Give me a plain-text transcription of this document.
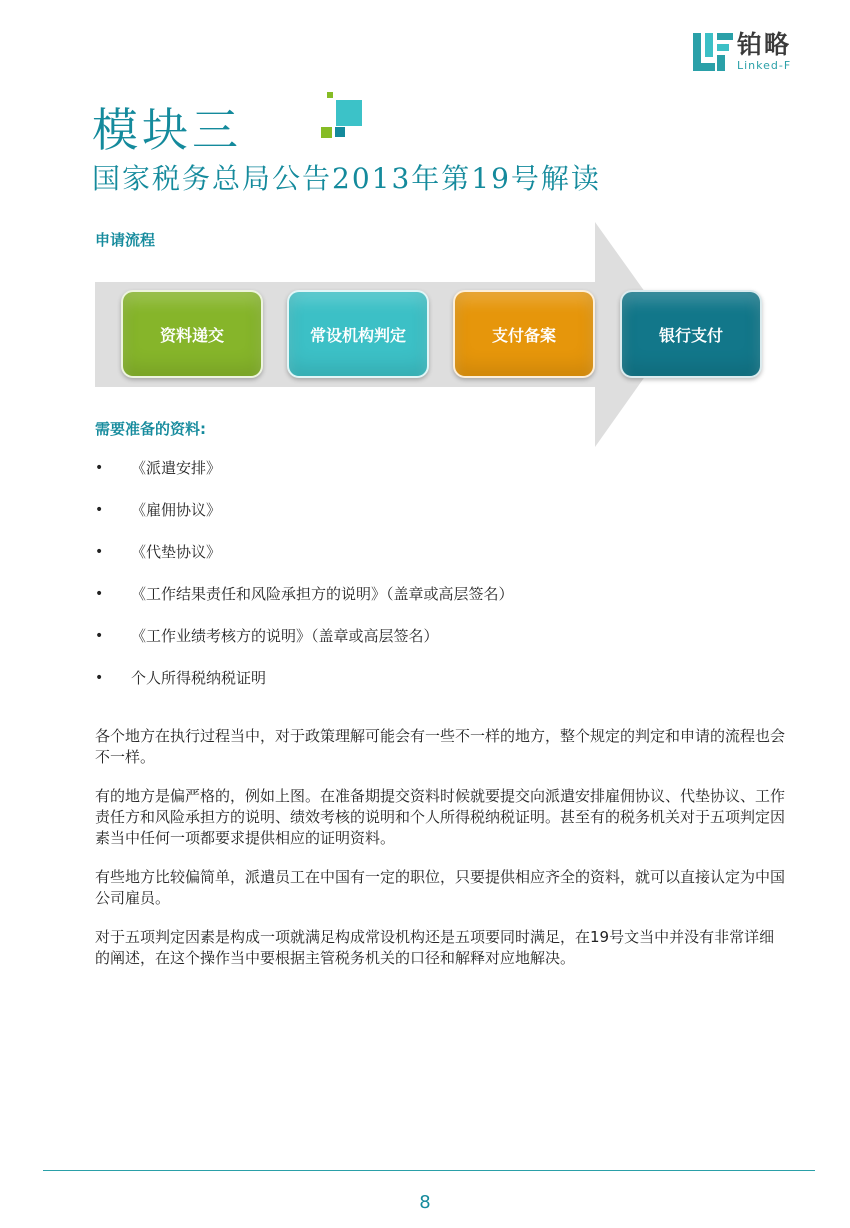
铂略
Linked-F
模块三
国家税务总局公告2013年第19号解读
申请流程
资料递交	常设机构判定	支付备案	银行支付
需要准备的资料:
• 《派遣安排》
• 《雇佣协议》
• 《代垫协议》
• 《工作结果责任和风险承担方的说明》（盖章或高层签名）
• 《工作业绩考核方的说明》（盖章或高层签名）
• 个人所得税纳税证明

各个地方在执行过程当中，对于政策理解可能会有一些不一样的地方，整个规定的判定和申请的流程也会不一样。

有的地方是偏严格的，例如上图。在准备期提交资料时候就要提交向派遣安排雇佣协议、代垫协议、工作责任方和风险承担方的说明、绩效考核的说明和个人所得税纳税证明。甚至有的税务机关对于五项判定因素当中任何一项都要求提供相应的证明资料。

有些地方比较偏简单，派遣员工在中国有一定的职位，只要提供相应齐全的资料，就可以直接认定为中国公司雇员。

对于五项判定因素是构成一项就满足构成常设机构还是五项要同时满足，在19号文当中并没有非常详细的阐述，在这个操作当中要根据主管税务机关的口径和解释对应地解决。

8
